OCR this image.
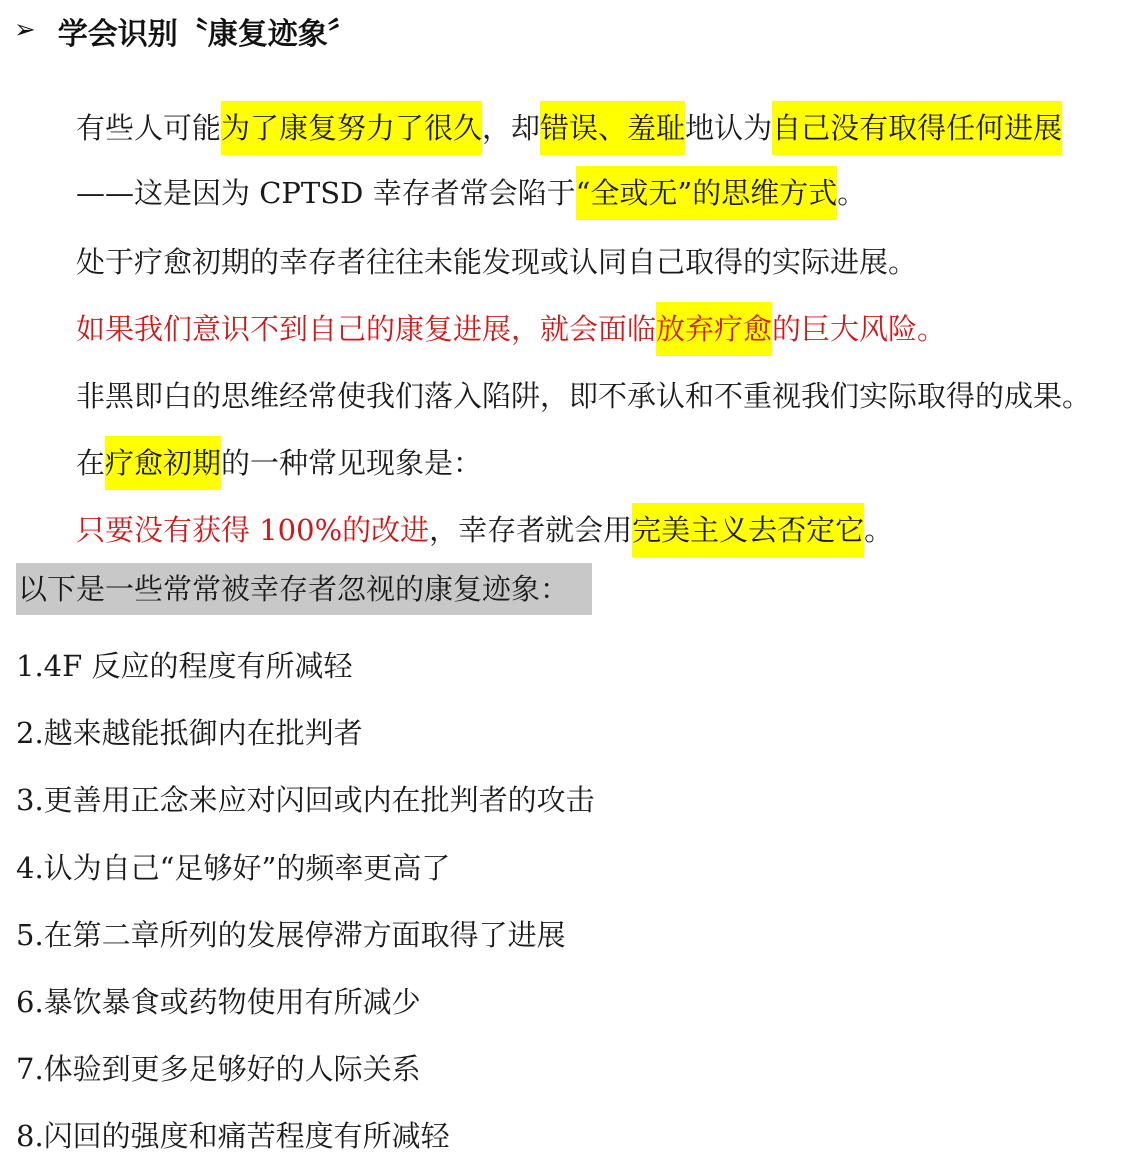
➢ 学会识别〝康复迹象〞
有些人可能为了康复努力了很久，却错误、羞耻地认为自己没有取得任何进展
——这是因为 CPTSD 幸存者常会陷于“全或无”的思维方式。
处于疗愈初期的幸存者往往未能发现或认同自己取得的实际进展。
如果我们意识不到自己的康复进展，就会面临放弃疗愈的巨大风险。
非黑即白的思维经常使我们落入陷阱，即不承认和不重视我们实际取得的成果。
在疗愈初期的一种常见现象是：
只要没有获得 100%的改进，幸存者就会用完美主义去否定它。
以下是一些常常被幸存者忽视的康复迹象：
1.4F 反应的程度有所减轻
2.越来越能抵御内在批判者
3.更善用正念来应对闪回或内在批判者的攻击
4.认为自己“足够好”的频率更高了
5.在第二章所列的发展停滞方面取得了进展
6.暴饮暴食或药物使用有所减少
7.体验到更多足够好的人际关系
8.闪回的强度和痛苦程度有所减轻
